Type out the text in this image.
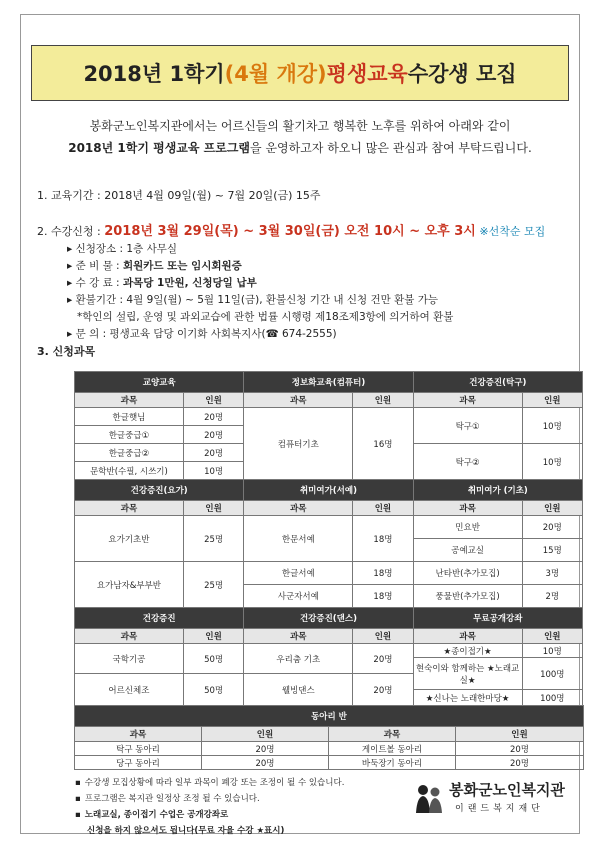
2018년 1학기 (4월 개강) 평생교육 수강생 모집
봉화군노인복지관에서는 어르신들의 활기차고 행복한 노후를 위하여 아래와 같이
2018년 1학기 평생교육 프로그램을 운영하고자 하오니 많은 관심과 참여 부탁드립니다.
1. 교육기간 : 2018년 4월 09일(월) ~ 7월 20일(금) 15주
2. 수강신청 : 2018년 3월 29일(목) ~ 3월 30일(금) 오전 10시 ~ 오후 3시 ※선착순 모집
▸ 신청장소 : 1층 사무실
▸ 준 비 물 : 회원카드 또는 임시회원증
▸ 수 강 료 : 과목당 1만원, 신청당일 납부
▸ 환불기간 : 4월 9일(월) ~ 5월 11일(금), 환불신청 기간 내 신청 건만 환불 가능
*학인의 설립, 운영 및 과외교습에 관한 법률 시행령 제18조제3항에 의거하여 환불
▸ 문 의 : 평생교육 담당 이기화 사회복지사(☎ 674-2555)
3. 신청과목
교양교육		정보화교육(컴퓨터)		건강증진(탁구)	
과목	인원	과목	인원	과목	인원
한글햇님	20명	컴퓨터기초	16명	탁구①	10명
한글중급①	20명				
한글중급②	20명			탁구②	10명
문학반(수필, 시쓰기)	10명				
건강증진(요가)		취미여가(서예)		취미여가 (기초)	
과목	인원	과목	인원	과목	인원
요가기초반	25명	한문서예	18명	민요반	20명
				공예교실	15명
요가남자&부부반	25명	한글서예	18명	난타반(추가모집)	3명
		사군자서예	18명	풍물반(추가모집)	2명
건강증진		건강증진(댄스)		무료공개강좌	
과목	인원	과목	인원	과목	인원
국학기공	50명	우리춤 기초	20명	★종이접기★	10명
				현숙이와 함께하는 ★노래교실★	100명
어르신체조	50명	웰빙댄스	20명		
				★신나는 노래한마당★	100명
동아리 반			
과목	인원	과목	인원
탁구 동아리	20명	게이트볼 동아리	20명
당구 동아리	20명	바둑장기 동아리	20명
▪ 수강생 모집상황에 따라 일부 과목이 폐강 또는 조정이 될 수 있습니다.
▪ 프로그램은 복지관 일정상 조정 될 수 있습니다.
▪ 노래교실, 종이접기 수업은 공개강좌로
신청을 하지 않으셔도 됩니다(무료 자율 수강 ★표시)
봉화군노인복지관
이랜드복지재단
